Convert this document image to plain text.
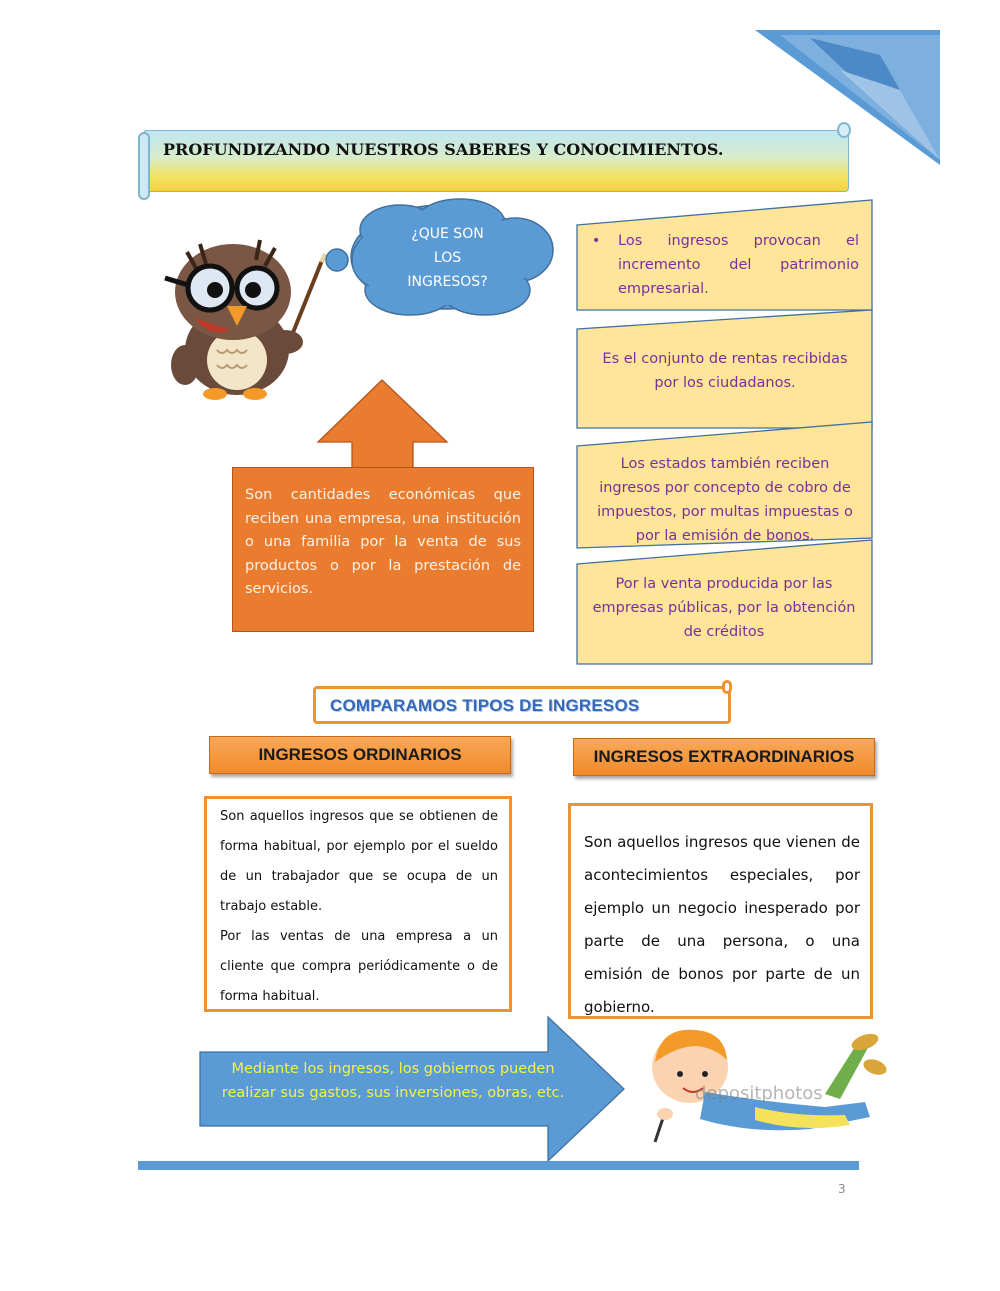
PROFUNDIZANDO NUESTROS SABERES Y CONOCIMIENTOS.
¿QUE SON
LOS
INGRESOS?
• Los ingresos provocan el incremento del patrimonio empresarial.
Es el conjunto de rentas recibidas por los ciudadanos.
Los estados también reciben ingresos por concepto de cobro de impuestos, por multas impuestas o por la emisión de bonos.
Por la venta producida por las empresas públicas, por la obtención de créditos
Son cantidades económicas que reciben una empresa, una institución o una familia por la venta de sus productos o por la prestación de servicios.
COMPARAMOS TIPOS DE INGRESOS
INGRESOS ORDINARIOS	INGRESOS EXTRAORDINARIOS
Son aquellos ingresos que se obtienen de forma habitual, por ejemplo por el sueldo de un trabajador que se ocupa de un trabajo estable.
Por las ventas de una empresa a un cliente que compra periódicamente o de forma habitual.
Son aquellos ingresos que vienen de acontecimientos especiales, por ejemplo un negocio inesperado por parte de una persona, o una emisión de bonos por parte de un gobierno.
Mediante los ingresos, los gobiernos pueden realizar sus gastos, sus inversiones, obras, etc.	depositphotos
3
